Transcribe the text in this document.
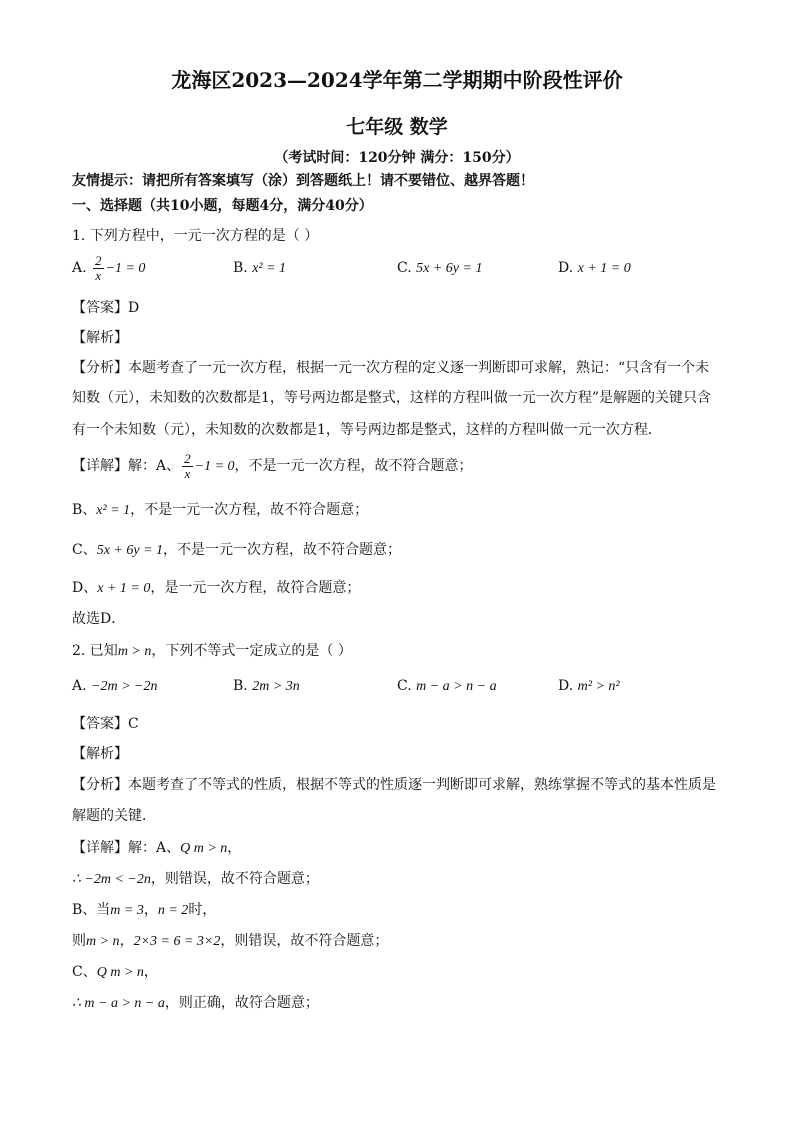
龙海区2023—2024学年第二学期期中阶段性评价
七年级 数学
（考试时间：120分钟 满分：150分）
友情提示：请把所有答案填写（涂）到答题纸上！请不要错位、越界答题！
一、选择题（共10小题，每题4分，满分40分）
1. 下列方程中，一元一次方程的是（ ）
A. $\frac{2}{x} -1 = 0$	B. x² = 1	C. 5x + 6y = 1	D. x + 1 = 0
【答案】D
【解析】
【分析】本题考查了一元一次方程，根据一元一次方程的定义逐一判断即可求解，熟记：“只含有一个未
知数（元），未知数的次数都是1，等号两边都是整式，这样的方程叫做一元一次方程”是解题的关键只含
有一个未知数（元），未知数的次数都是1，等号两边都是整式，这样的方程叫做一元一次方程．
【详解】解：A、 $\frac{2}{x} -1 = 0$，不是一元一次方程，故不符合题意；
B、x² = 1，不是一元一次方程，故不符合题意；
C、5x + 6y = 1，不是一元一次方程，故不符合题意；
D、x + 1 = 0，是一元一次方程，故符合题意；
故选D．
2. 已知m > n，下列不等式一定成立的是（ ）
A. −2m > −2n	B. 2m > 3n	C. m − a > n − a	D. m² > n²
【答案】C
【解析】
【分析】本题考查了不等式的性质，根据不等式的性质逐一判断即可求解，熟练掌握不等式的基本性质是
解题的关键．
【详解】解：A、Q m > n，
∴ −2m < −2n，则错误，故不符合题意；
B、当m = 3，n = 2时，
则m > n，2×3 = 6 = 3×2，则错误，故不符合题意；
C、Q m > n，
∴ m − a > n − a，则正确，故符合题意；
